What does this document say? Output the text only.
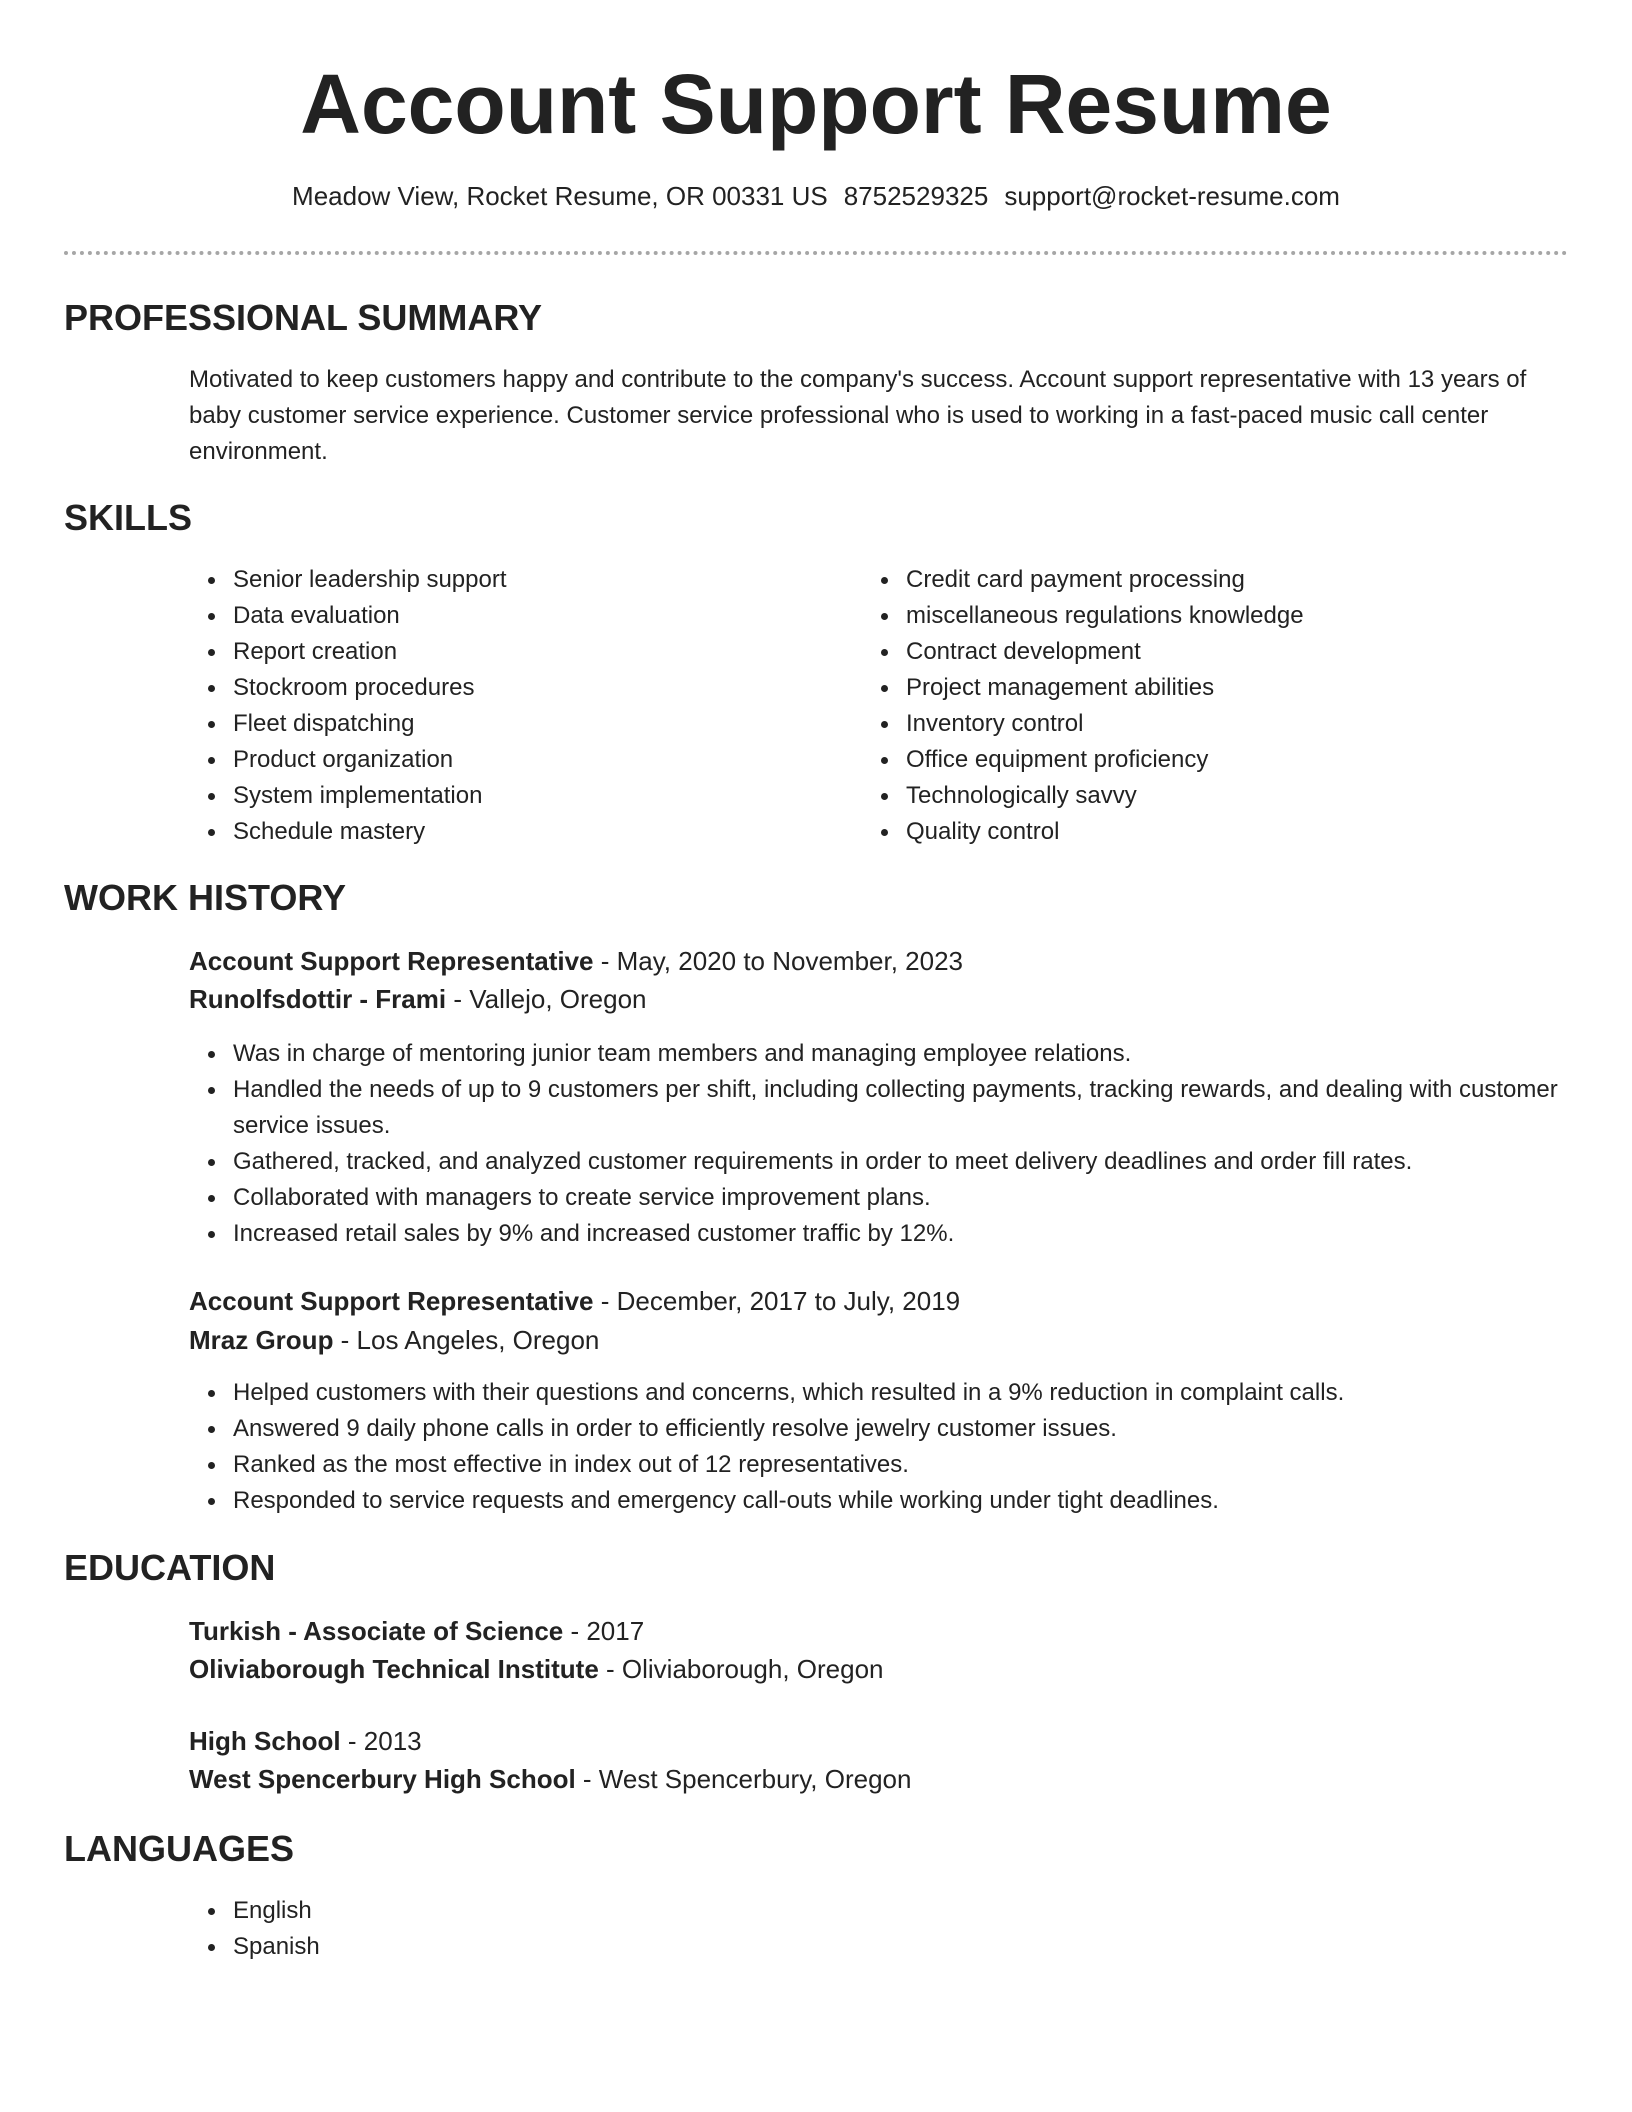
Account Support Resume
Meadow View, Rocket Resume, OR 00331 US 8752529325 support@rocket-resume.com
PROFESSIONAL SUMMARY

Motivated to keep customers happy and contribute to the company's success. Account support representative with 13 years of baby customer service experience. Customer service professional who is used to working in a fast-paced music call center environment.

SKILLS
Senior leadership support
Data evaluation
Report creation
Stockroom procedures
Fleet dispatching
Product organization
System implementation
Schedule mastery
Credit card payment processing
miscellaneous regulations knowledge
Contract development
Project management abilities
Inventory control
Office equipment proficiency
Technologically savvy
Quality control
WORK HISTORY
Account Support Representative - May, 2020 to November, 2023
Runolfsdottir - Frami - Vallejo, Oregon
Was in charge of mentoring junior team members and managing employee relations.
Handled the needs of up to 9 customers per shift, including collecting payments, tracking rewards, and dealing with customer service issues.
Gathered, tracked, and analyzed customer requirements in order to meet delivery deadlines and order fill rates.
Collaborated with managers to create service improvement plans.
Increased retail sales by 9% and increased customer traffic by 12%.
Account Support Representative - December, 2017 to July, 2019
Mraz Group - Los Angeles, Oregon
Helped customers with their questions and concerns, which resulted in a 9% reduction in complaint calls.
Answered 9 daily phone calls in order to efficiently resolve jewelry customer issues.
Ranked as the most effective in index out of 12 representatives.
Responded to service requests and emergency call-outs while working under tight deadlines.
EDUCATION
Turkish - Associate of Science - 2017
Oliviaborough Technical Institute - Oliviaborough, Oregon
High School - 2013
West Spencerbury High School - West Spencerbury, Oregon
LANGUAGES
English
Spanish
